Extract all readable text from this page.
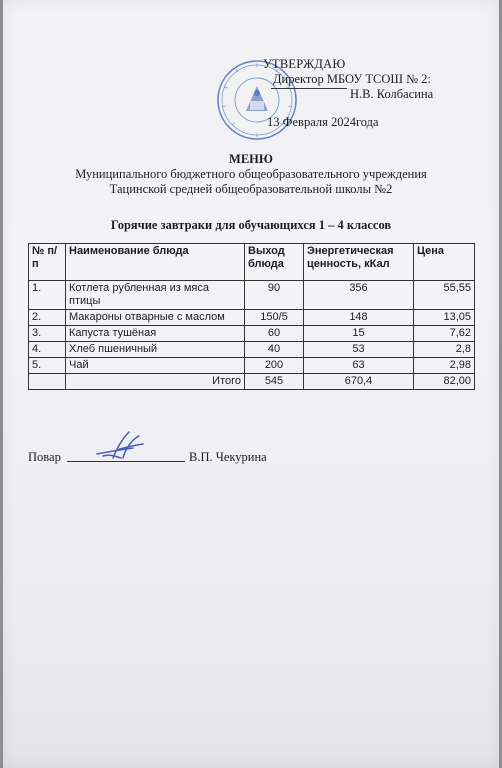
УТВЕРЖДАЮ
Директор МБОУ ТСОШ № 2:
Н.В. Колбасина
13 Февраля 2024года
МЕНЮ
Муниципального бюджетного общеобразовательного учреждения
Тацинской средней общеобразовательной школы №2
Горячие завтраки для обучающихся 1 – 4 классов
№ п/п	Наименование блюда	Выход блюда	Энергетическая ценность, кКал	Цена
1.	Котлета рубленная из мяса птицы	90	356	55,55
2.	Макароны отварные с маслом	150/5	148	13,05
3.	Капуста тушёная	60	15	7,62
4.	Хлеб пшеничный	40	53	2,8
5.	Чай	200	63	2,98
	Итого	545	670,4	82,00
Повар	В.П. Чекурина
